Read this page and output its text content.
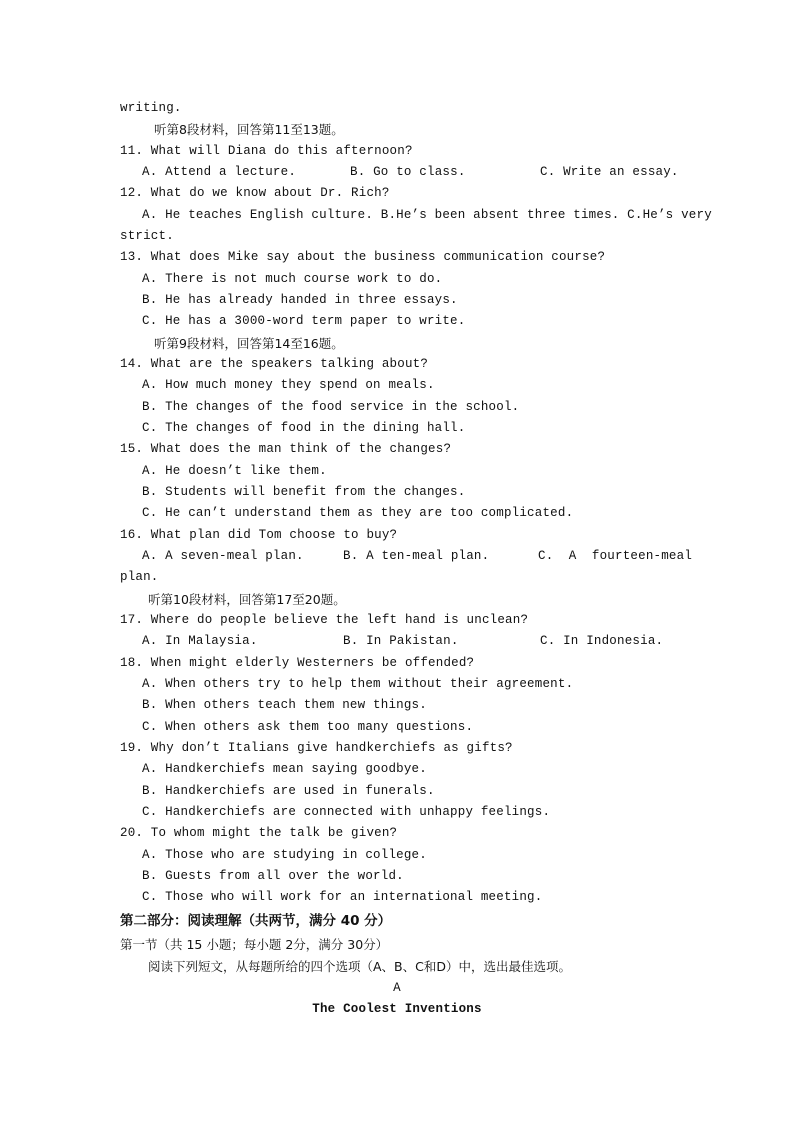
writing.

听第8段材料，回答第11至13题。

11. What will Diana do this afternoon?

A. Attend a lecture.	B. Go to class.	C. Write an essay.

12. What do we know about Dr. Rich?

A. He teaches English culture. B.He’s been absent three times. C.He’s very

strict.

13. What does Mike say about the business communication course?

A. There is not much course work to do.

B. He has already handed in three essays.

C. He has a 3000-word term paper to write.

听第9段材料，回答第14至16题。

14. What are the speakers talking about?

A. How much money they spend on meals.

B. The changes of the food service in the school.

C. The changes of food in the dining hall.

15. What does the man think of the changes?

A. He doesn’t like them.

B. Students will benefit from the changes.

C. He can’t understand them as they are too complicated.

16. What plan did Tom choose to buy?

A. A seven-meal plan.	B. A ten-meal plan.	C.  A  fourteen-meal

plan.

听第10段材料，回答第17至20题。

17. Where do people believe the left hand is unclean?

A. In Malaysia.	B. In Pakistan.	C. In Indonesia.

18. When might elderly Westerners be offended?

A. When others try to help them without their agreement.

B. When others teach them new things.

C. When others ask them too many questions.

19. Why don’t Italians give handkerchiefs as gifts?

A. Handkerchiefs mean saying goodbye.

B. Handkerchiefs are used in funerals.

C. Handkerchiefs are connected with unhappy feelings.

20. To whom might the talk be given?

A. Those who are studying in college.

B. Guests from all over the world.

C. Those who will work for an international meeting.

第二部分：阅读理解（共两节，满分 40 分）

第一节（共 15 小题；每小题 2分，满分 30分）

阅读下列短文，从每题所给的四个选项（A、B、C和D）中，选出最佳选项。

A

The Coolest Inventions
